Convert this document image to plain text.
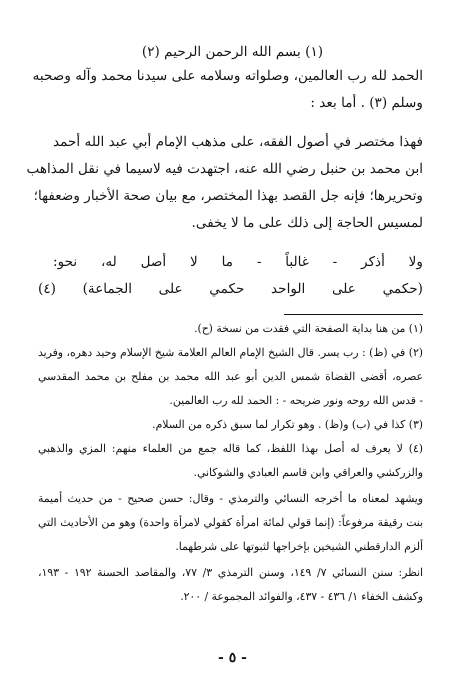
(١) بسم الله الرحمن الرحيم (٢)
الحمد لله رب العالمين، وصلواته وسلامه على سيدنا محمد وآله وصحبه
وسلم (٣) . أما بعد :
فهذا مختصر في أصول الفقه، على مذهب الإمام أبي عبد الله أحمد
ابن محمد بن حنبل رضي الله عنه، اجتهدت فيه لاسيما في نقل المذاهب
وتحريرها؛ فإنه جل القصد بهذا المختصر، مع بيان صحة الأخبار وضعفها؛
لمسيس الحاجة إلى ذلك على ما لا يخفى.
ولا أذكر - غالباً - ما لا أصل له، نحو:
(حكمي على الواحد حكمي على الجماعة) (٤)
(١) من هنا بداية الصفحة التي فقدت من نسخة (ح).
(٢) في (ظ) : رب يسر. قال الشيخ الإمام العالم العلامة شيخ الإسلام وحيد دهره، وفريد
عصره، أقضى القضاة شمس الدين أبو عبد الله محمد بن مفلح بن محمد المقدسي
- قدس الله روحه ونور ضريحه - : الحمد لله رب العالمين.
(٣) كذا في (ب) و(ظ) . وهو تكرار لما سبق ذكره من السلام.
(٤) لا يعرف له أصل بهذا اللفظ، كما قاله جمع من العلماء منهم: المزي والذهبي
والزركشي والعراقي وابن قاسم العبادي والشوكاني.
ويشهد لمعناه ما أخرجه النسائي والترمذي - وقال: حسن صحيح - من حديث أميمة
بنت رقيقة مرفوعاً: (إنما قولي لمائة امرأة كقولي لامرأة واحدة) وهو من الأحاديث التي
ألزم الدارقطني الشيخين بإخراجها لثبوتها على شرطهما.
انظر: سنن النسائي ٧/ ١٤٩، وسنن الترمذي ٣/ ٧٧، والمقاصد الحسنة ١٩٢ - ١٩٣،
وكشف الخفاء ١/ ٤٣٦ - ٤٣٧، والفوائد المجموعة / ٢٠٠.
- ٥ -
